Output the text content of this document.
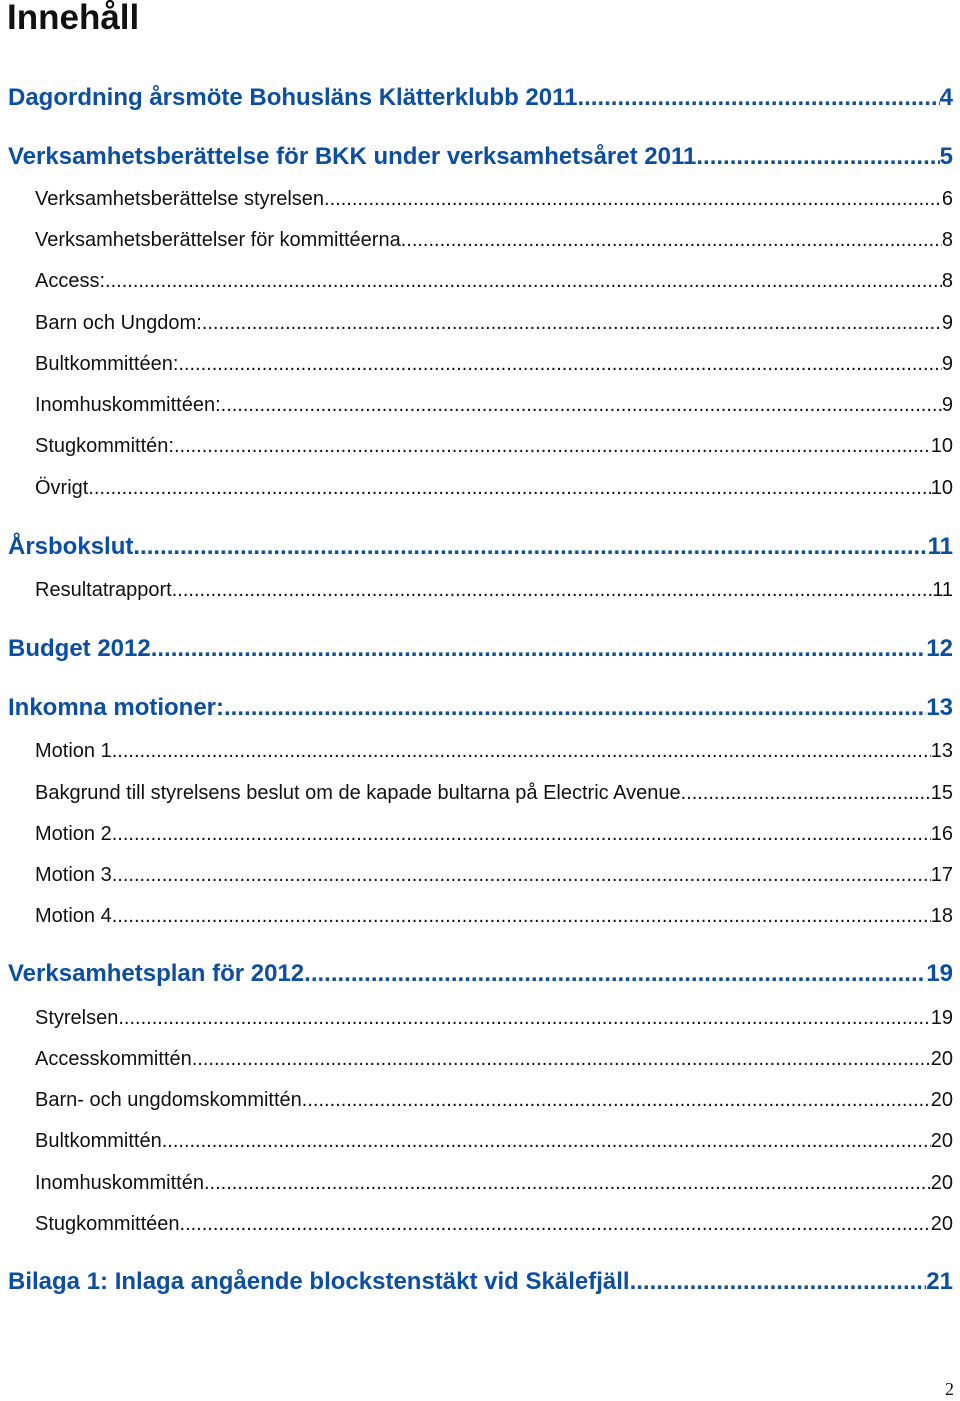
Innehåll
Dagordning årsmöte Bohusläns Klätterklubb 2011 .....	4
Verksamhetsberättelse för BKK under verksamhetsåret 2011 .....	5
Verksamhetsberättelse styrelsen .....	6
Verksamhetsberättelser för kommittéerna .....	8
Access: .....	8
Barn och Ungdom: .....	9
Bultkommittéen: .....	9
Inomhuskommittéen: .....	9
Stugkommittén: .....	10
Övrigt .....	10
Årsbokslut .....	11
Resultatrapport .....	11
Budget 2012 .....	12
Inkomna motioner: .....	13
Motion 1 .....	13
Bakgrund till styrelsens beslut om de kapade bultarna på Electric Avenue .....	15
Motion 2 .....	16
Motion 3 .....	17
Motion 4 .....	18
Verksamhetsplan för 2012 .....	19
Styrelsen .....	19
Accesskommittén .....	20
Barn- och ungdomskommittén .....	20
Bultkommittén .....	20
Inomhuskommittén .....	20
Stugkommittéen .....	20
Bilaga 1: Inlaga angående blockstenstäkt vid Skälefjäll .....	21
2
